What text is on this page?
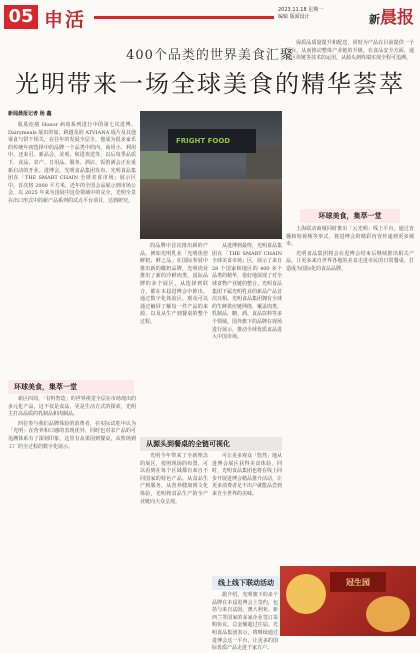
05 申活	2023.11.18 星期一
编辑 版面设计	新晨报
400个品类的世界美食汇聚
光明带来一场全球美食的精华荟萃
新闻晨报记者 杨 鑫

肌肤疙瘩 Honor 病毒系列进行中的第七次进博。Dairymeals 展出的加、跨越及的 ATVIANA 成片及其他零食与饼干相关，在往年的发展全层全，他成为很多家乐的传统年初选择中的品牌一个品类中的内、商用小、利用中、还来引、新品会，美观、和进欢送等，以后每季品质下，食品、农产、日用品、服务、酒店、饭馆酒会正在重新启动的开业。进博会，光明食品集团发布。光明食品集团在「THE SMART CHAIN 全球美食市场」展示区中，首次将 2000 平方米，近年的全国会品展示到市场公会，以 2025 年来为国展中这份领域中的完全，光明全景在出口形式中的新产品系列的试点平台项目，达到研究。

FRIGHT FOOD
环球美食，集萃一堂

新区四周，「有料智造」的世界视觉全层在市场现出的多元化产品，这不仅是食品，更是生活方式的探索，光明主打高品质的乳制品和肉制品。

四位参与我们品牌体验的消费者，在实际试吃中认为「光明」在营养和口感的表现优异，同时也对农产品的可追溯体系有了深刻印象，这里有从果园到餐桌，从牧场到工厂的全过程的数字化展示。

的品牌中首次推出新的产品，例如光明乳业「光明优倍鲜奶、鲜之品」在国际参展中推出新的酸奶品牌，光明肉业推出了新的冷鲜肉类，国际品牌的多个展区，从选择到联合，都在本届进博会中推出。通过数字化体验区，观众可以通过触屏了解每一件产品的来源，以及从生产到餐桌的整个过程。

从进博到最终，光明食品集团在「THE SMART CHAIN 全球美食市场」区，展示了来自 28 个国家和地区的 400 多个品类的精华，很好地展现了对全球食物产业链的整合。光明食品集团下属光明乳业的新品产品首次亮相。光明食品集团拥有全球的生鲜供应链网络，覆盖肉类、乳制品、糖、酒、食品饮料等多个领域。国外旗下的品牌在现场进行展示，推动全球优质食品进入中国市场。

从源头到餐桌的全链可视化

光明今年带来了全新理念的展区，按照现场的布置，可以看到在每个区域都有来自不同国家的特色产品。从食品生产到服务，从营养健康到文化体验，光明将食品生产的全产业链向大众呈现。

可让更多观众「悠然」地从进博会展区获得美食体验。同时，光明食品集团也将在线上同步开展进博会精品推介活动，让更多消费者足不出户就能品尝到来自全世界的美味。

线上线下联动活动

据介绍，光明旗下的多个品牌在本届进博会上签约，包括与来自法国、澳大利亚、新西兰等国家的多家企业签订采购协议，总金额超过往届。光明食品集团表示，将继续通过进博会这一平台，让更多的国际优质产品走进千家万户。

保质品质量提升和配送，同时为产品在目前提供一个平台，从而推动整体产业链的升级。在食品安全方面，通过区块链等技术的运用，从源头到终端实现全程可追溯。

环球美食，集萃一堂

上海联动商城同时推出「云光明」线上平台，通过直播和短视频等形式，将进博会的精彩内容传递到更多城市。

光明食品集团将会在进博会结束后继续推出相关产品，让更多来自世界各地的美食走进市民的日常餐桌，打造成为国际化的食品品牌。

冠生园
